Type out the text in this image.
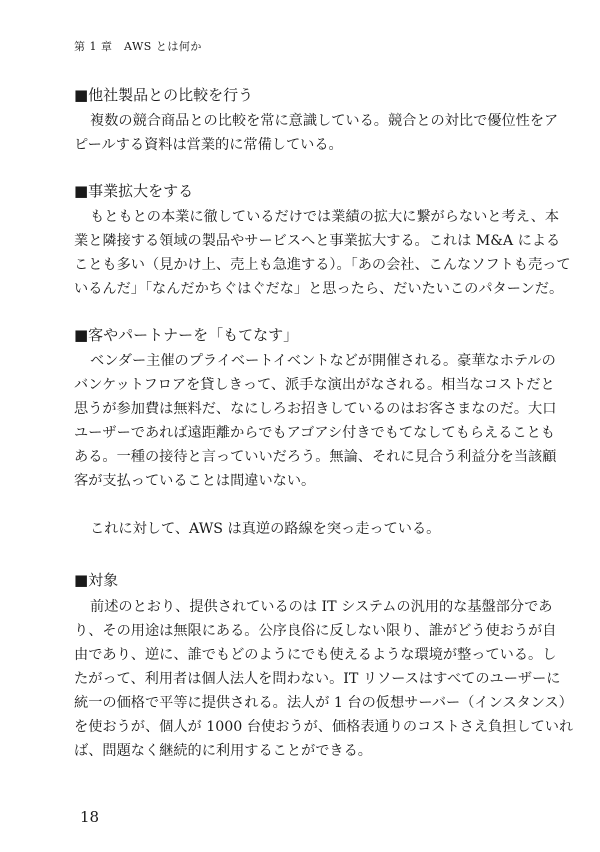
第 1 章　AWS とは何か
■他社製品との比較を行う
複数の競合商品との比較を常に意識している。競合との対比で優位性をア
ピールする資料は営業的に常備している。
■事業拡大をする
もともとの本業に徹しているだけでは業績の拡大に繋がらないと考え、本
業と隣接する領域の製品やサービスへと事業拡大する。これは M&A による
ことも多い（見かけ上、売上も急進する）。「あの会社、こんなソフトも売って
いるんだ」「なんだかちぐはぐだな」と思ったら、だいたいこのパターンだ。
■客やパートナーを「もてなす」
ベンダー主催のプライベートイベントなどが開催される。豪華なホテルの
バンケットフロアを貸しきって、派手な演出がなされる。相当なコストだと
思うが参加費は無料だ、なにしろお招きしているのはお客さまなのだ。大口
ユーザーであれば遠距離からでもアゴアシ付きでもてなしてもらえることも
ある。一種の接待と言っていいだろう。無論、それに見合う利益分を当該顧
客が支払っていることは間違いない。
これに対して、AWS は真逆の路線を突っ走っている。
■対象
前述のとおり、提供されているのは IT システムの汎用的な基盤部分であ
り、その用途は無限にある。公序良俗に反しない限り、誰がどう使おうが自
由であり、逆に、誰でもどのようにでも使えるような環境が整っている。し
たがって、利用者は個人法人を問わない。IT リソースはすべてのユーザーに
統一の価格で平等に提供される。法人が 1 台の仮想サーバー（インスタンス）
を使おうが、個人が 1000 台使おうが、価格表通りのコストさえ負担していれ
ば、問題なく継続的に利用することができる。
18
